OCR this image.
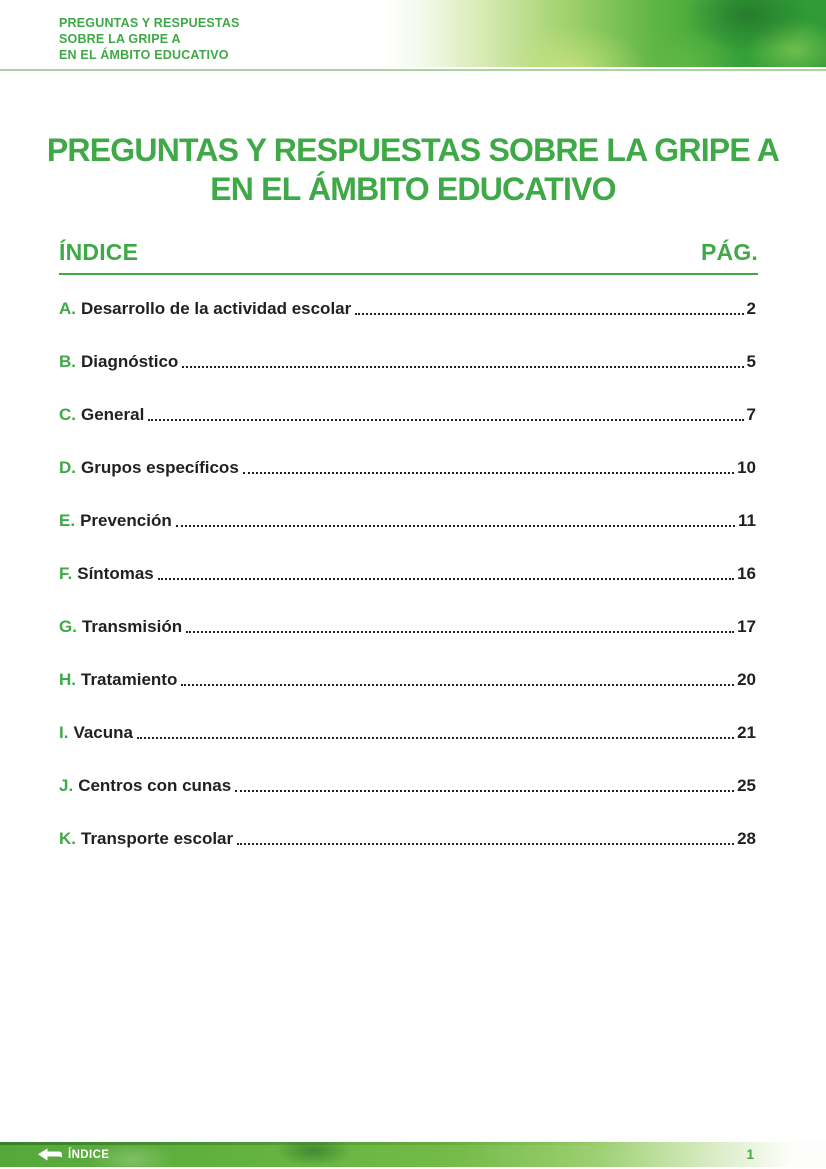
PREGUNTAS Y RESPUESTAS
SOBRE LA GRIPE A
EN EL ÁMBITO EDUCATIVO
PREGUNTAS Y RESPUESTAS SOBRE LA GRIPE A
EN EL ÁMBITO EDUCATIVO
ÍNDICE	PÁG.
A. Desarrollo de la actividad escolar	2
B. Diagnóstico	5
C. General	7
D. Grupos específicos	10
E. Prevención	11
F. Síntomas	16
G. Transmisión	17
H. Tratamiento	20
I. Vacuna	21
J. Centros con cunas	25
K. Transporte escolar	28
ÍNDICE	1
